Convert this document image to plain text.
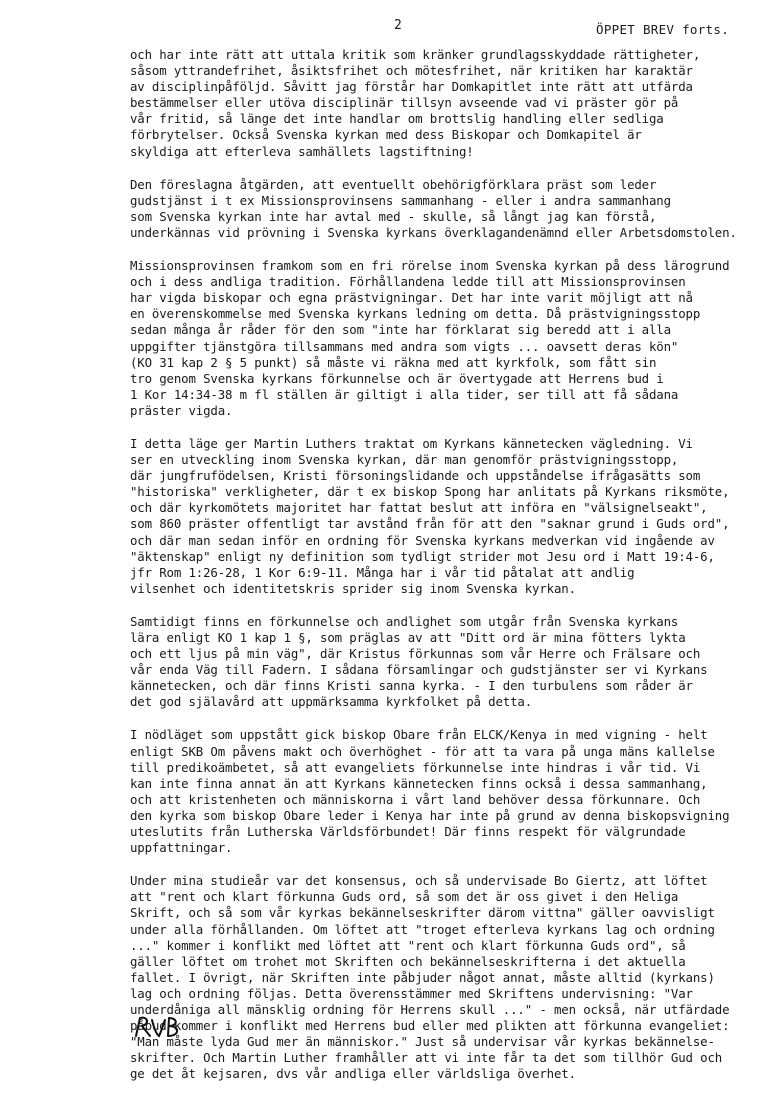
2	ÖPPET BREV forts.
och har inte rätt att uttala kritik som kränker grundlagsskyddade rättigheter,
såsom yttrandefrihet, åsiktsfrihet och mötesfrihet, när kritiken har karaktär
av disciplinpåföljd. Såvitt jag förstår har Domkapitlet inte rätt att utfärda
bestämmelser eller utöva disciplinär tillsyn avseende vad vi präster gör på
vår fritid, så länge det inte handlar om brottslig handling eller sedliga
förbrytelser. Också Svenska kyrkan med dess Biskopar och Domkapitel är
skyldiga att efterleva samhällets lagstiftning!
Den föreslagna åtgärden, att eventuellt obehörigförklara präst som leder
gudstjänst i t ex Missionsprovinsens sammanhang - eller i andra sammanhang
som Svenska kyrkan inte har avtal med - skulle, så långt jag kan förstå,
underkännas vid prövning i Svenska kyrkans överklagandenämnd eller Arbetsdomstolen.
Missionsprovinsen framkom som en fri rörelse inom Svenska kyrkan på dess lärogrund
och i dess andliga tradition. Förhållandena ledde till att Missionsprovinsen
har vigda biskopar och egna prästvigningar. Det har inte varit möjligt att nå
en överenskommelse med Svenska kyrkans ledning om detta. Då prästvigningsstopp
sedan många år råder för den som "inte har förklarat sig beredd att i alla
uppgifter tjänstgöra tillsammans med andra som vigts ... oavsett deras kön"
(KO 31 kap 2 § 5 punkt) så måste vi räkna med att kyrkfolk, som fått sin
tro genom Svenska kyrkans förkunnelse och är övertygade att Herrens bud i
1 Kor 14:34-38 m fl ställen är giltigt i alla tider, ser till att få sådana
präster vigda.
I detta läge ger Martin Luthers traktat om Kyrkans kännetecken vägledning. Vi
ser en utveckling inom Svenska kyrkan, där man genomför prästvigningsstopp,
där jungfrufödelsen, Kristi försoningslidande och uppståndelse ifrågasätts som
"historiska" verkligheter, där t ex biskop Spong har anlitats på Kyrkans riksmöte,
och där kyrkomötets majoritet har fattat beslut att införa en "välsignelseakt",
som 860 präster offentligt tar avstånd från för att den "saknar grund i Guds ord",
och där man sedan inför en ordning för Svenska kyrkans medverkan vid ingående av
"äktenskap" enligt ny definition som tydligt strider mot Jesu ord i Matt 19:4-6,
jfr Rom 1:26-28, 1 Kor 6:9-11. Många har i vår tid påtalat att andlig
vilsenhet och identitetskris sprider sig inom Svenska kyrkan.
Samtidigt finns en förkunnelse och andlighet som utgår från Svenska kyrkans
lära enligt KO 1 kap 1 §, som präglas av att "Ditt ord är mina fötters lykta
och ett ljus på min väg", där Kristus förkunnas som vår Herre och Frälsare och
vår enda Väg till Fadern. I sådana församlingar och gudstjänster ser vi Kyrkans
kännetecken, och där finns Kristi sanna kyrka. - I den turbulens som råder är
det god själavård att uppmärksamma kyrkfolket på detta.
I nödläget som uppstått gick biskop Obare från ELCK/Kenya in med vigning - helt
enligt SKB Om påvens makt och överhöghet - för att ta vara på unga mäns kallelse
till predikoämbetet, så att evangeliets förkunnelse inte hindras i vår tid. Vi
kan inte finna annat än att Kyrkans kännetecken finns också i dessa sammanhang,
och att kristenheten och människorna i vårt land behöver dessa förkunnare. Och
den kyrka som biskop Obare leder i Kenya har inte på grund av denna biskopsvigning
uteslutits från Lutherska Världsförbundet! Där finns respekt för välgrundade
uppfattningar.
Under mina studieår var det konsensus, och så undervisade Bo Giertz, att löftet
att "rent och klart förkunna Guds ord, så som det är oss givet i den Heliga
Skrift, och så som vår kyrkas bekännelseskrifter därom vittna" gäller oavvisligt
under alla förhållanden. Om löftet att "troget efterleva kyrkans lag och ordning
..." kommer i konflikt med löftet att "rent och klart förkunna Guds ord", så
gäller löftet om trohet mot Skriften och bekännelseskrifterna i det aktuella
fallet. I övrigt, när Skriften inte påbjuder något annat, måste alltid (kyrkans)
lag och ordning följas. Detta överensstämmer med Skriftens undervisning: "Var
underdåniga all mänsklig ordning för Herrens skull ..." - men också, när utfärdade
påbud kommer i konflikt med Herrens bud eller med plikten att förkunna evangeliet:
"Man måste lyda Gud mer än människor." Just så undervisar vår kyrkas bekännelse-
skrifter. Och Martin Luther framhåller att vi inte får ta det som tillhör Gud och
ge det åt kejsaren, dvs vår andliga eller världsliga överhet.
